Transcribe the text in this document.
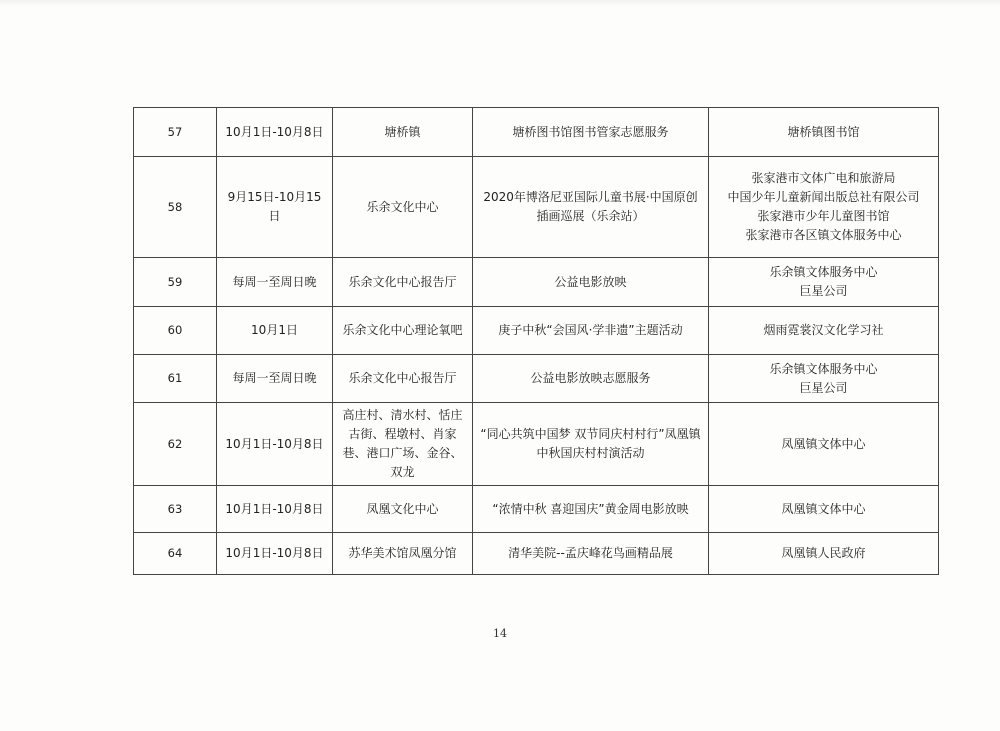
57	10月1日-10月8日	塘桥镇	塘桥图书馆图书管家志愿服务	塘桥镇图书馆

58	9月15日-10月15日	乐余文化中心	2020年博洛尼亚国际儿童书展·中国原创插画巡展（乐余站）	张家港市文体广电和旅游局
中国少年儿童新闻出版总社有限公司
张家港市少年儿童图书馆
张家港市各区镇文体服务中心

59	每周一至周日晚	乐余文化中心报告厅	公益电影放映	乐余镇文体服务中心
巨星公司

60	10月1日	乐余文化中心理论氧吧	庚子中秋“会国风·学非遗”主题活动	烟雨霓裳汉文化学习社

61	每周一至周日晚	乐余文化中心报告厅	公益电影放映志愿服务	乐余镇文体服务中心
巨星公司

62	10月1日-10月8日	高庄村、清水村、恬庄古街、程墩村、肖家巷、港口广场、金谷、双龙	“同心共筑中国梦 双节同庆村村行”凤凰镇中秋国庆村村演活动	凤凰镇文体中心

63	10月1日-10月8日	凤凰文化中心	“浓情中秋 喜迎国庆”黄金周电影放映	凤凰镇文体中心

64	10月1日-10月8日	苏华美术馆凤凰分馆	清华美院--孟庆峰花鸟画精品展	凤凰镇人民政府
14
